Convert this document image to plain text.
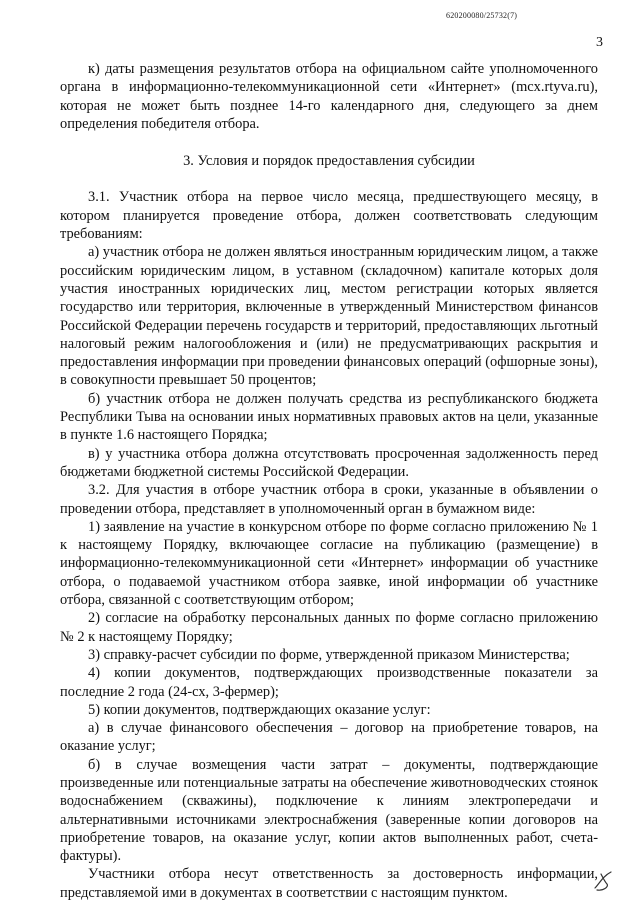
620200080/25732(7)
3

к) даты размещения результатов отбора на официальном сайте уполномоченного органа в информационно-телекоммуникационной сети «Интернет» (mcx.rtyva.ru), которая не может быть позднее 14-го календарного дня, следующего за днем определения победителя отбора.

3. Условия и порядок предоставления субсидии

3.1. Участник отбора на первое число месяца, предшествующего месяцу, в котором планируется проведение отбора, должен соответствовать следующим требованиям:

а) участник отбора не должен являться иностранным юридическим лицом, а также российским юридическим лицом, в уставном (складочном) капитале которых доля участия иностранных юридических лиц, местом регистрации которых является государство или территория, включенные в утвержденный Министерством финансов Российской Федерации перечень государств и территорий, предоставляющих льготный налоговый режим налогообложения и (или) не предусматривающих раскрытия и предоставления информации при проведении финансовых операций (офшорные зоны), в совокупности превышает 50 процентов;

б) участник отбора не должен получать средства из республиканского бюджета Республики Тыва на основании иных нормативных правовых актов на цели, указанные в пункте 1.6 настоящего Порядка;

в) у участника отбора должна отсутствовать просроченная задолженность перед бюджетами бюджетной системы Российской Федерации.

3.2. Для участия в отборе участник отбора в сроки, указанные в объявлении о проведении отбора, представляет в уполномоченный орган в бумажном виде:

1) заявление на участие в конкурсном отборе по форме согласно приложению № 1 к настоящему Порядку, включающее согласие на публикацию (размещение) в информационно-телекоммуникационной сети «Интернет» информации об участнике отбора, о подаваемой участником отбора заявке, иной информации об участнике отбора, связанной с соответствующим отбором;

2) согласие на обработку персональных данных по форме согласно приложению № 2 к настоящему Порядку;

3) справку-расчет субсидии по форме, утвержденной приказом Министерства;

4) копии документов, подтверждающих производственные показатели за последние 2 года (24-сх, 3-фермер);

5) копии документов, подтверждающих оказание услуг:

а) в случае финансового обеспечения – договор на приобретение товаров, на оказание услуг;

б) в случае возмещения части затрат – документы, подтверждающие произведенные или потенциальные затраты на обеспечение животноводческих стоянок водоснабжением (скважины), подключение к линиям электропередачи и альтернативными источниками электроснабжения (заверенные копии договоров на приобретение товаров, на оказание услуг, копии актов выполненных работ, счета-фактуры).

Участники отбора несут ответственность за достоверность информации, представляемой ими в документах в соответствии с настоящим пунктом.
